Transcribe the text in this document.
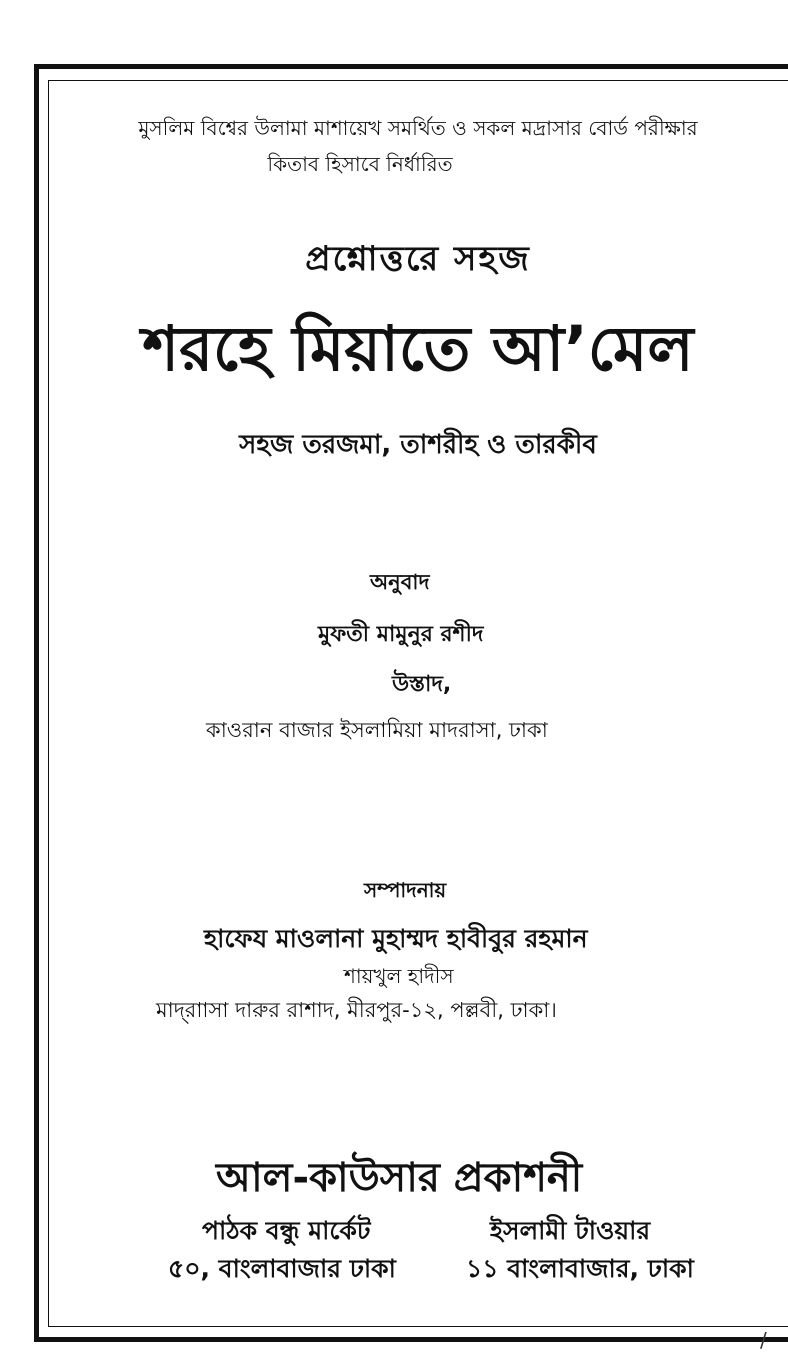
মুসলিম বিশ্বের উলামা মাশায়েখ সমর্থিত ও সকল মদ্রাসার বোর্ড পরীক্ষার
কিতাব হিসাবে নির্ধারিত
প্রশ্নোত্তরে সহজ
শরহে মিয়াতে আ’মেল
সহজ তরজমা, তাশরীহ ও তারকীব
অনুবাদ
মুফতী মামুনুর রশীদ
উস্তাদ,
কাওরান বাজার ইসলামিয়া মাদরাসা, ঢাকা
সম্পাদনায়
হাফেয মাওলানা মুহাম্মদ হাবীবুর রহমান
শায়খুল হাদীস
মাদ্‌রাাসা দারুর রাশাদ, মীরপুর-১২, পল্লবী, ঢাকা।
আল-কাউসার প্রকাশনী
পাঠক বন্ধু মার্কেট
৫০, বাংলাবাজার ঢাকা
ইসলামী টাওয়ার
১১ বাংলাবাজার, ঢাকা
/
